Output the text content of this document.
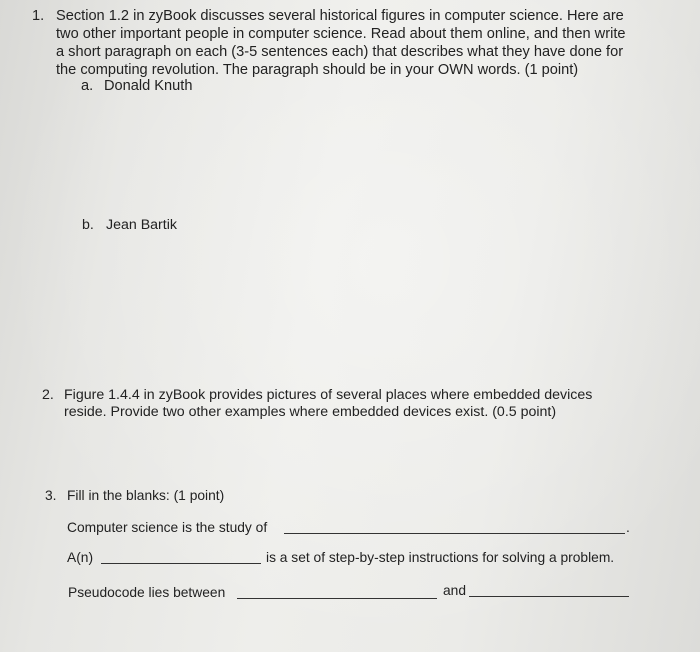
1. Section 1.2 in zyBook discusses several historical figures in computer science. Here are
two other important people in computer science. Read about them online, and then write
a short paragraph on each (3-5 sentences each) that describes what they have done for
the computing revolution. The paragraph should be in your OWN words. (1 point)
a. Donald Knuth
b. Jean Bartik
2. Figure 1.4.4 in zyBook provides pictures of several places where embedded devices
reside. Provide two other examples where embedded devices exist. (0.5 point)
3. Fill in the blanks: (1 point)
Computer science is the study of	.
A(n)	is a set of step-by-step instructions for solving a problem.
Pseudocode lies between	and
